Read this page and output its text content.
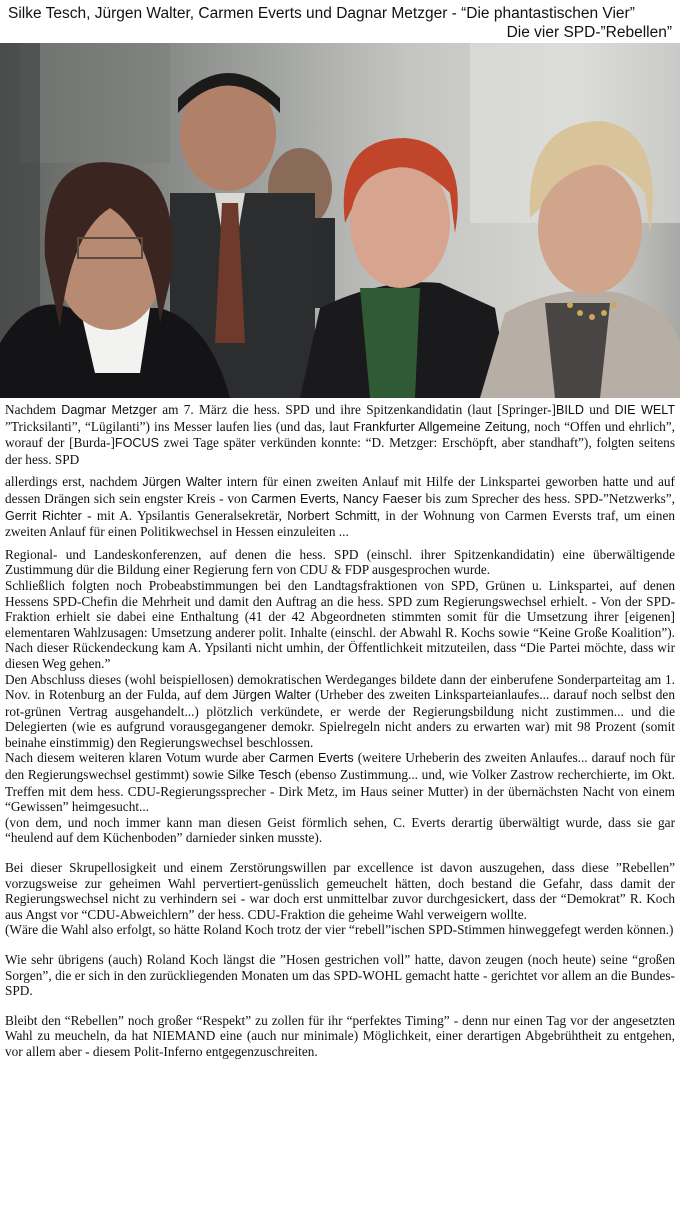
Silke Tesch, Jürgen Walter, Carmen Everts und Dagnar Metzger - “Die phantastischen Vier”
Die vier SPD-”Rebellen”

Nachdem Dagmar Metzger am 7. März die hess. SPD und ihre Spitzenkandidatin (laut [Springer-]BILD und DIE WELT ”Tricksilanti”, “Lügilanti”) ins Messer laufen lies (und das, laut Frankfurter Allgemeine Zeitung, noch “Offen und ehrlich”, worauf der [Burda-]FOCUS zwei Tage später verkünden konnte: “D. Metzger: Erschöpft, aber standhaft”), folgten seitens der hess. SPD

allerdings erst, nachdem Jürgen Walter intern für einen zweiten Anlauf mit Hilfe der Linkspartei geworben hatte und auf dessen Drängen sich sein engster Kreis - von Carmen Everts, Nancy Faeser bis zum Sprecher des hess. SPD-”Netzwerks”, Gerrit Richter - mit A. Ypsilantis Generalsekretär, Norbert Schmitt, in der Wohnung von Carmen Eversts traf, um einen zweiten Anlauf für einen Politikwechsel in Hessen einzuleiten ...

Regional- und Landeskonferenzen, auf denen die hess. SPD (einschl. ihrer Spitzenkandidatin) eine überwältigende Zustimmung dür die Bildung einer Regierung fern von CDU & FDP ausgesprochen wurde.

Schließlich folgten noch Probeabstimmungen bei den Landtagsfraktionen von SPD, Grünen u. Linkspartei, auf denen Hessens SPD-Chefin die Mehrheit und damit den Auftrag an die hess. SPD zum Regierungswechsel erhielt. - Von der SPD-Fraktion erhielt sie dabei eine Enthaltung (41 der 42 Abgeordneten stimmten somit für die Umsetzung ihrer [eigenen] elementaren Wahlzusagen: Umsetzung anderer polit. Inhalte (einschl. der Abwahl R. Kochs sowie “Keine Große Koalition”). Nach dieser Rückendeckung kam A. Ypsilanti nicht umhin, der Öffentlichkeit mitzuteilen, dass “Die Partei möchte, dass wir diesen Weg gehen.”

Den Abschluss dieses (wohl beispiellosen) demokratischen Werdeganges bildete dann der einberufene Sonderparteitag am 1. Nov. in Rotenburg an der Fulda, auf dem Jürgen Walter (Urheber des zweiten Linksparteianlaufes... darauf noch selbst den rot-grünen Vertrag ausgehandelt...) plötzlich verkündete, er werde der Regierungsbildung nicht zustimmen... und die Delegierten (wie es aufgrund vorausgegangener demokr. Spielregeln nicht anders zu erwarten war) mit 98 Prozent (somit beinahe einstimmig) den Regierungswechsel beschlossen.

Nach diesem weiteren klaren Votum wurde aber Carmen Everts (weitere Urheberin des zweiten Anlaufes... darauf noch für den Regierungswechsel gestimmt) sowie Silke Tesch (ebenso Zustimmung... und, wie Volker Zastrow recherchierte, im Okt. Treffen mit dem hess. CDU-Regierungssprecher - Dirk Metz, im Haus seiner Mutter) in der übernächsten Nacht von einem “Gewissen” heimgesucht...

(von dem, und noch immer kann man diesen Geist förmlich sehen, C. Everts derartig überwältigt wurde, dass sie gar “heulend auf dem Küchenboden” darnieder sinken musste).

Bei dieser Skrupellosigkeit und einem Zerstörungswillen par excellence ist davon auszugehen, dass diese ”Rebellen” vorzugsweise zur geheimen Wahl pervertiert-genüsslich gemeuchelt hätten, doch bestand die Gefahr, dass damit der Regierungswechsel nicht zu verhindern sei - war doch erst unmittelbar zuvor durchgesickert, dass der “Demokrat” R. Koch aus Angst vor “CDU-Abweichlern” der hess. CDU-Fraktion die geheime Wahl verweigern wollte.

(Wäre die Wahl also erfolgt, so hätte Roland Koch trotz der vier “rebell”ischen SPD-Stimmen hinweggefegt werden können.)

Wie sehr übrigens (auch) Roland Koch längst die ”Hosen gestrichen voll” hatte, davon zeugen (noch heute) seine “großen Sorgen”, die er sich in den zurückliegenden Monaten um das SPD-WOHL gemacht hatte - gerichtet vor allem an die Bundes-SPD.

Bleibt den “Rebellen” noch großer “Respekt” zu zollen für ihr “perfektes Timing” - denn nur einen Tag vor der angesetzten Wahl zu meucheln, da hat NIEMAND eine (auch nur minimale) Möglichkeit, einer derartigen Abgebrühtheit zu entgehen, vor allem aber - diesem Polit-Inferno entgegenzuschreiten.
